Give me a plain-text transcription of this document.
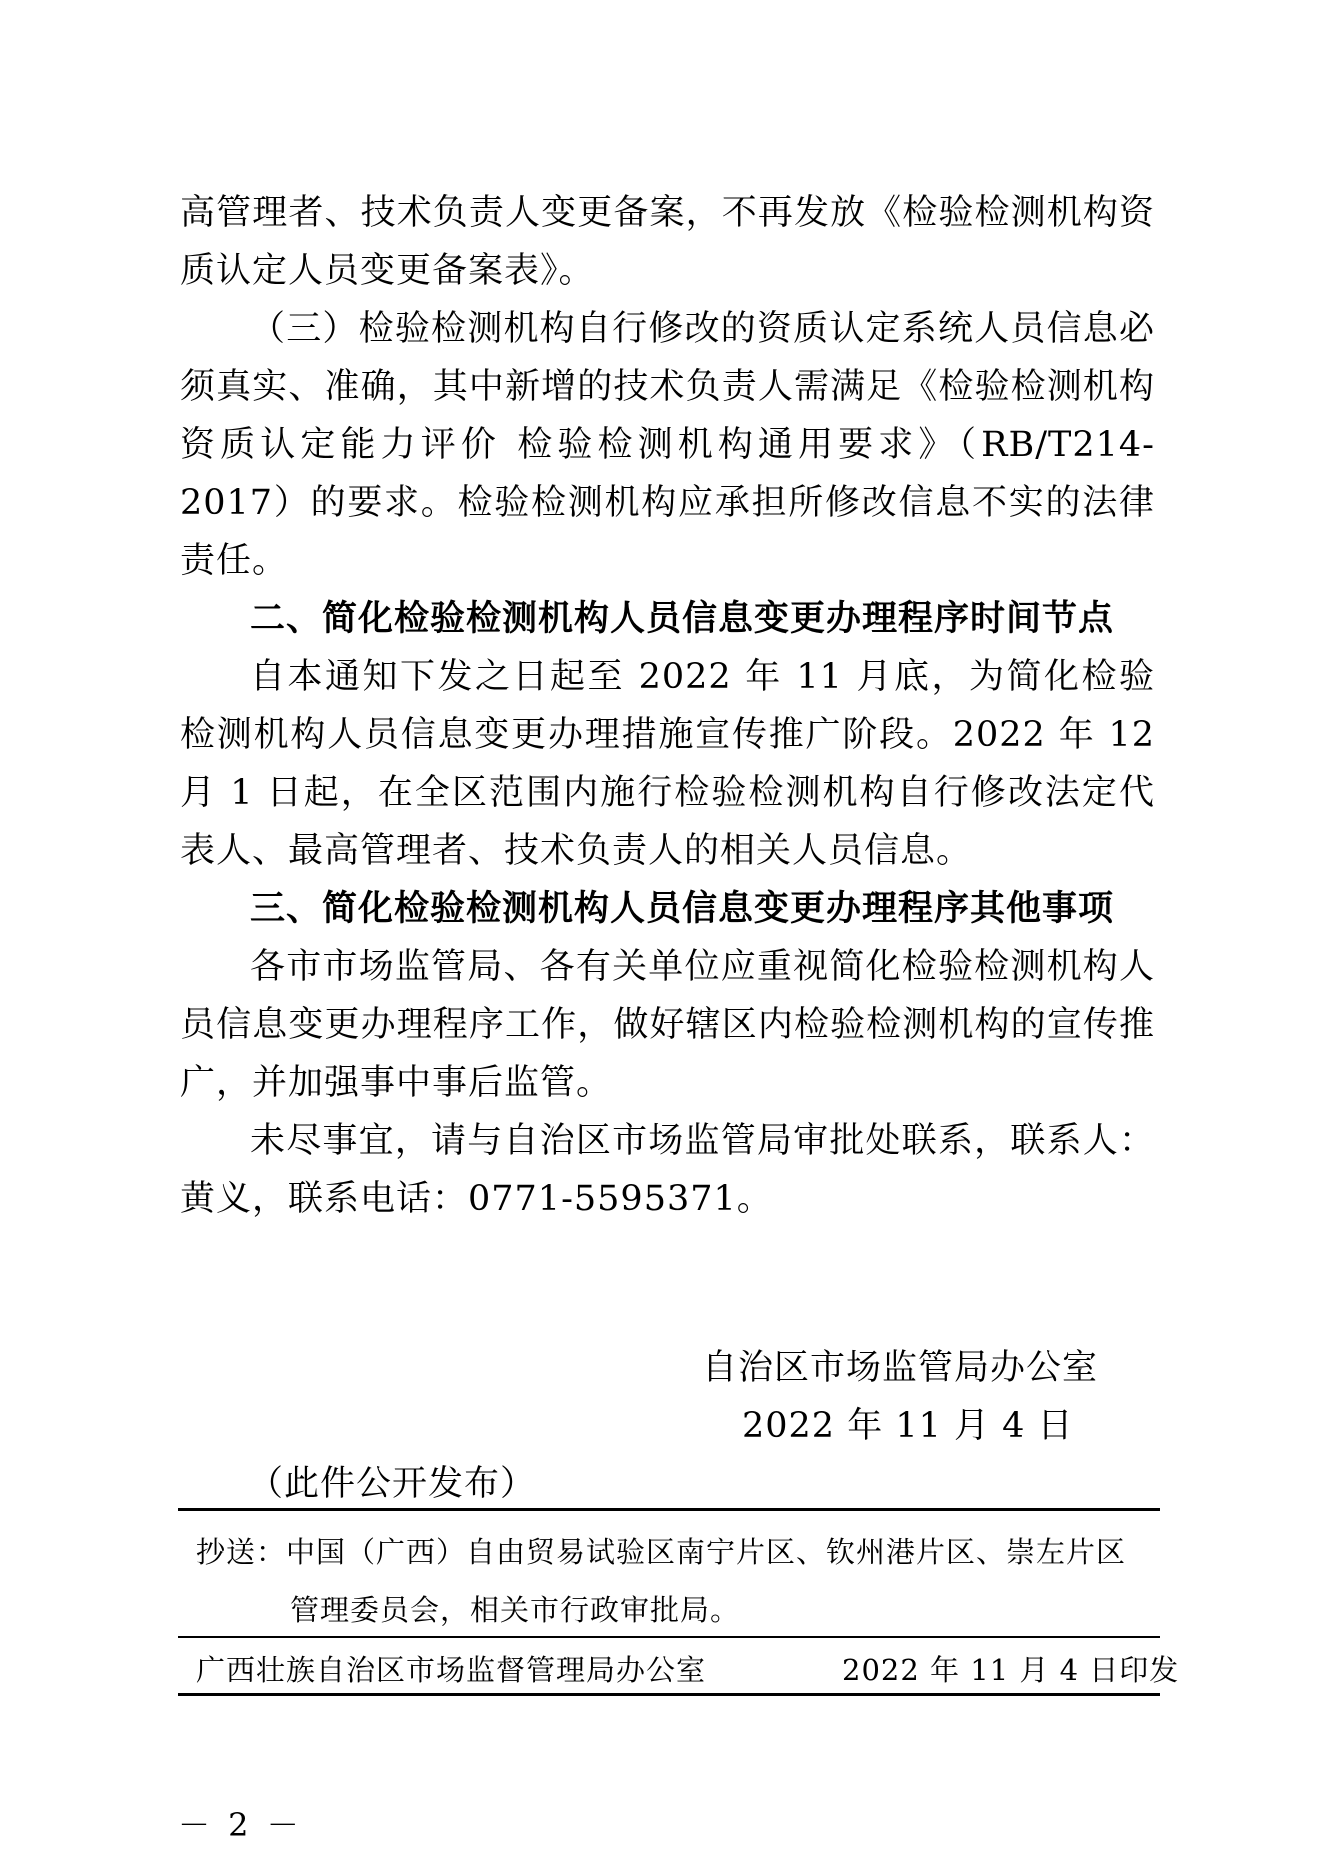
高管理者、技术负责人变更备案，不再发放《检验检测机构资质认定人员变更备案表》。

（三）检验检测机构自行修改的资质认定系统人员信息必须真实、准确，其中新增的技术负责人需满足《检验检测机构资质认定能力评价 检验检测机构通用要求》（RB/T214-2017）的要求。检验检测机构应承担所修改信息不实的法律责任。

二、简化检验检测机构人员信息变更办理程序时间节点

自本通知下发之日起至 2022 年 11 月底，为简化检验检测机构人员信息变更办理措施宣传推广阶段。2022 年 12 月 1 日起，在全区范围内施行检验检测机构自行修改法定代表人、最高管理者、技术负责人的相关人员信息。

三、简化检验检测机构人员信息变更办理程序其他事项

各市市场监管局、各有关单位应重视简化检验检测机构人员信息变更办理程序工作，做好辖区内检验检测机构的宣传推广，并加强事中事后监管。

未尽事宜，请与自治区市场监管局审批处联系，联系人：黄义，联系电话：0771-5595371。

自治区市场监管局办公室
2022 年 11 月 4 日
（此件公开发布）
抄送：中国（广西）自由贸易试验区南宁片区、钦州港片区、崇左片区
管理委员会，相关市行政审批局。
广西壮族自治区市场监督管理局办公室	2022 年 11 月 4 日印发
－ 2 －
